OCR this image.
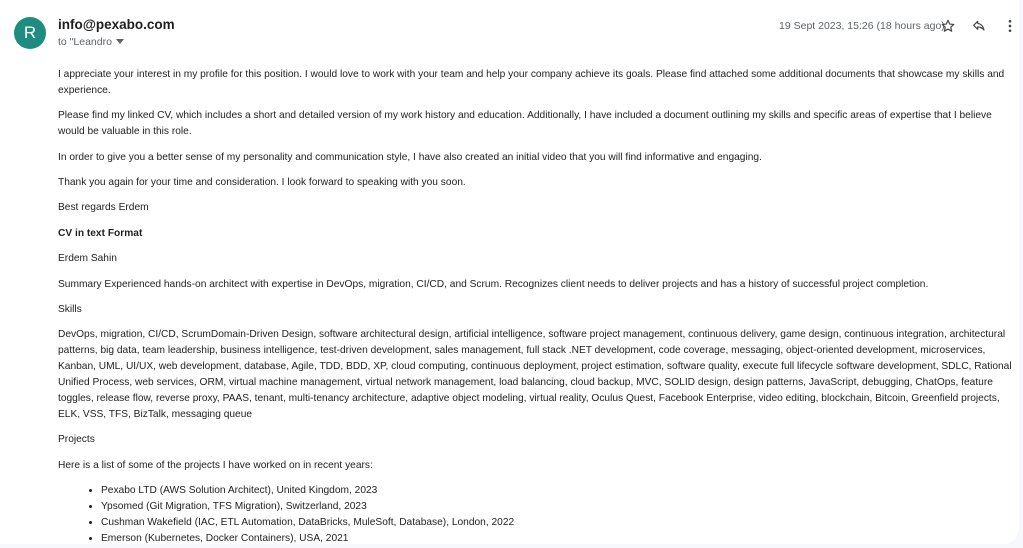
R info@pexabo.com
to "Leandro
19 Sept 2023, 15:26 (18 hours ago)

I appreciate your interest in my profile for this position. I would love to work with your team and help your company achieve its goals. Please find attached some additional documents that showcase my skills and experience.

Please find my linked CV, which includes a short and detailed version of my work history and education. Additionally, I have included a document outlining my skills and specific areas of expertise that I believe would be valuable in this role.

In order to give you a better sense of my personality and communication style, I have also created an initial video that you will find informative and engaging.

Thank you again for your time and consideration. I look forward to speaking with you soon.

Best regards Erdem

CV in text Format

Erdem Sahin

Summary Experienced hands-on architect with expertise in DevOps, migration, CI/CD, and Scrum. Recognizes client needs to deliver projects and has a history of successful project completion.

Skills

DevOps, migration, CI/CD, ScrumDomain-Driven Design, software architectural design, artificial intelligence, software project management, continuous delivery, game design, continuous integration, architectural patterns, big data, team leadership, business intelligence, test-driven development, sales management, full stack .NET development, code coverage, messaging, object-oriented development, microservices, Kanban, UML, UI/UX, web development, database, Agile, TDD, BDD, XP, cloud computing, continuous deployment, project estimation, software quality, execute full lifecycle software development, SDLC, Rational Unified Process, web services, ORM, virtual machine management, virtual network management, load balancing, cloud backup, MVC, SOLID design, design patterns, JavaScript, debugging, ChatOps, feature toggles, release flow, reverse proxy, PAAS, tenant, multi-tenancy architecture, adaptive object modeling, virtual reality, Oculus Quest, Facebook Enterprise, video editing, blockchain, Bitcoin, Greenfield projects, ELK, VSS, TFS, BizTalk, messaging queue

Projects

Here is a list of some of the projects I have worked on in recent years:

• Pexabo LTD (AWS Solution Architect), United Kingdom, 2023
• Ypsomed (Git Migration, TFS Migration), Switzerland, 2023
• Cushman Wakefield (IAC, ETL Automation, DataBricks, MuleSoft, Database), London, 2022
• Emerson (Kubernetes, Docker Containers), USA, 2021
